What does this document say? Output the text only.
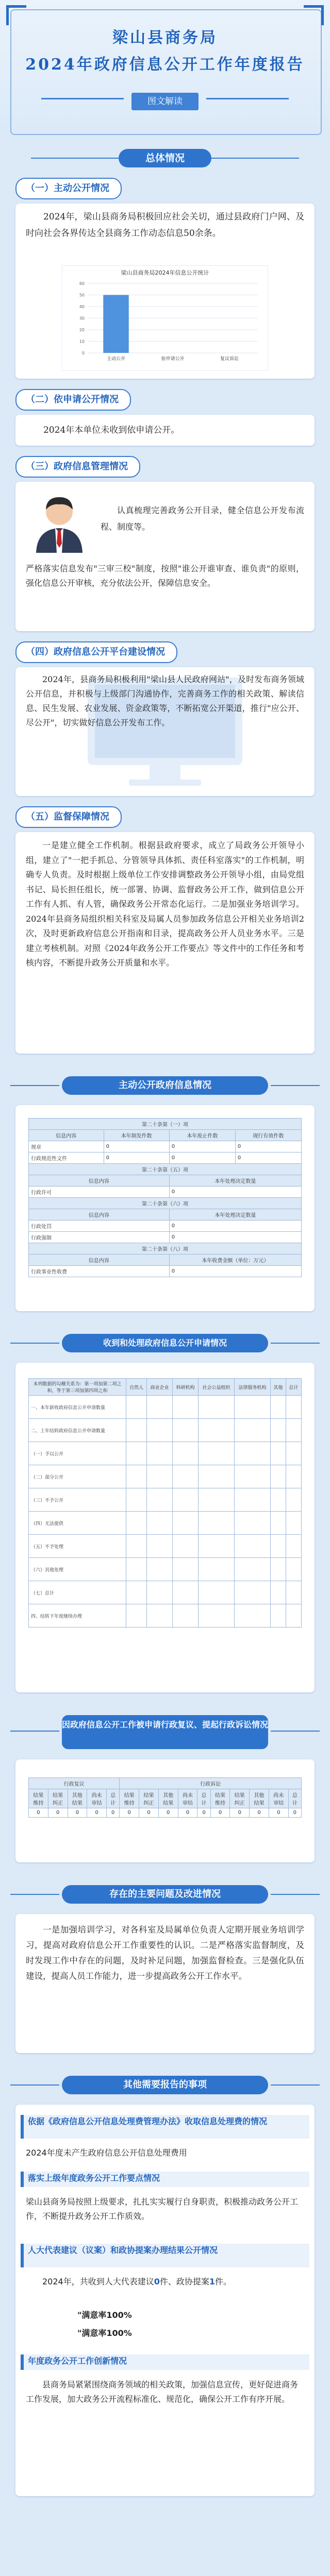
梁山县商务局
2024年政府信息公开工作年度报告
图文解读
总体情况
（一）主动公开情况
2024年，梁山县商务局积极回应社会关切，通过县政府门户网、及时向社会各界传达全县商务工作动态信息50余条。
梁山县商务局2024年信息公开统计
0
10
20
30
40
50
60
主动公开	依申请公开	复议诉讼
（二）依申请公开情况
2024年本单位未收到依申请公开。
（三）政府信息管理情况
认真梳理完善政务公开目录，健全信息公开发布流程、制度等。
严格落实信息发布"三审三校"制度，按照"谁公开谁审查、谁负责"的原则，强化信息公开审核，充分依法公开，保障信息安全。
（四）政府信息公开平台建设情况
2024年，县商务局积极利用"梁山县人民政府网站"，及时发布商务领域公开信息，并积极与上级部门沟通协作，完善商务工作的相关政策、解读信息、民生发展、农业发展、资金政策等，不断拓宽公开渠道，推行"应公开、尽公开"，切实做好信息公开发布工作。
（五）监督保障情况
一是建立健全工作机制。根据县政府要求，成立了局政务公开领导小组，建立了"一把手抓总、分管领导具体抓、责任科室落实"的工作机制，明确专人负责。及时根据上级单位工作安排调整政务公开领导小组，由局党组书记、局长担任组长，统一部署、协调、监督政务公开工作，做到信息公开工作有人抓、有人管，确保政务公开常态化运行。二是加强业务培训学习。2024年县商务局组织相关科室及局属人员参加政务信息公开相关业务培训2次，及时更新政府信息公开指南和目录，提高政务公开人员业务水平。三是建立考核机制。对照《2024年政务公开工作要点》等文件中的工作任务和考核内容，不断提升政务公开质量和水平。
主动公开政府信息情况
第二十条第（一）项			
信息内容	本年制发件数	本年废止件数	现行有效件数
规章	0	0	0
行政规范性文件	0	0	0
第二十条第（五）项			
信息内容		本年处理决定数量	
行政许可		0	
第二十条第（六）项			
信息内容		本年处理决定数量	
行政处罚		0	
行政强制		0	
第二十条第（八）项			
信息内容		本年收费金额（单位：万元）	
行政事业性收费		0	
收到和处理政府信息公开申请情况
本列数据的勾稽关系为：第一项加第二项之和，等于第三项加第四项之和	自然人	商业企业	科研机构	社会公益组织	法律服务机构	其他	总计
一、本年新收政府信息公开申请数量							
二、上年结转政府信息公开申请数量							
（一）予以公开							
（二）部分公开							
（三）不予公开							
（四）无法提供							
（五）不予处理							
（六）其他处理							
（七）总计							
四、结转下年度继续办理							
因政府信息公开工作被申请行政复议、提起行政诉讼情况
行政复议					行政诉讼									
结果维持	结果纠正	其他结果	尚未审结	总计	结果维持	结果纠正	其他结果	尚未审结	总计	结果维持	结果纠正	其他结果	尚未审结	总计
0	0	0	0	0	0	0	0	0	0	0	0	0	0	0
存在的主要问题及改进情况
一是加强培训学习，对各科室及局属单位负责人定期开展业务培训学习，提高对政府信息公开工作重要性的认识。二是严格落实监督制度，及时发现工作中存在的问题，及时补足问题，加强监督检查。三是强化队伍建设，提高人员工作能力，进一步提高政务公开工作水平。
其他需要报告的事项
依据《政府信息公开信息处理费管理办法》收取信息处理费的情况
2024年度未产生政府信息公开信息处理费用
落实上级年度政务公开工作要点情况
梁山县商务局按照上级要求，扎扎实实履行自身职责，积极推动政务公开工作，不断提升政务公开工作质效。
人大代表建议（议案）和政协提案办理结果公开情况
2024年，共收到人大代表建议0件、政协提案1件。
"满意率100%
"满意率100%
年度政务公开工作创新情况
县商务局紧紧围绕商务领域的相关政策，加强信息宣传，更好促进商务工作发展，加大政务公开流程标准化、规范化，确保公开工作有序开展。
